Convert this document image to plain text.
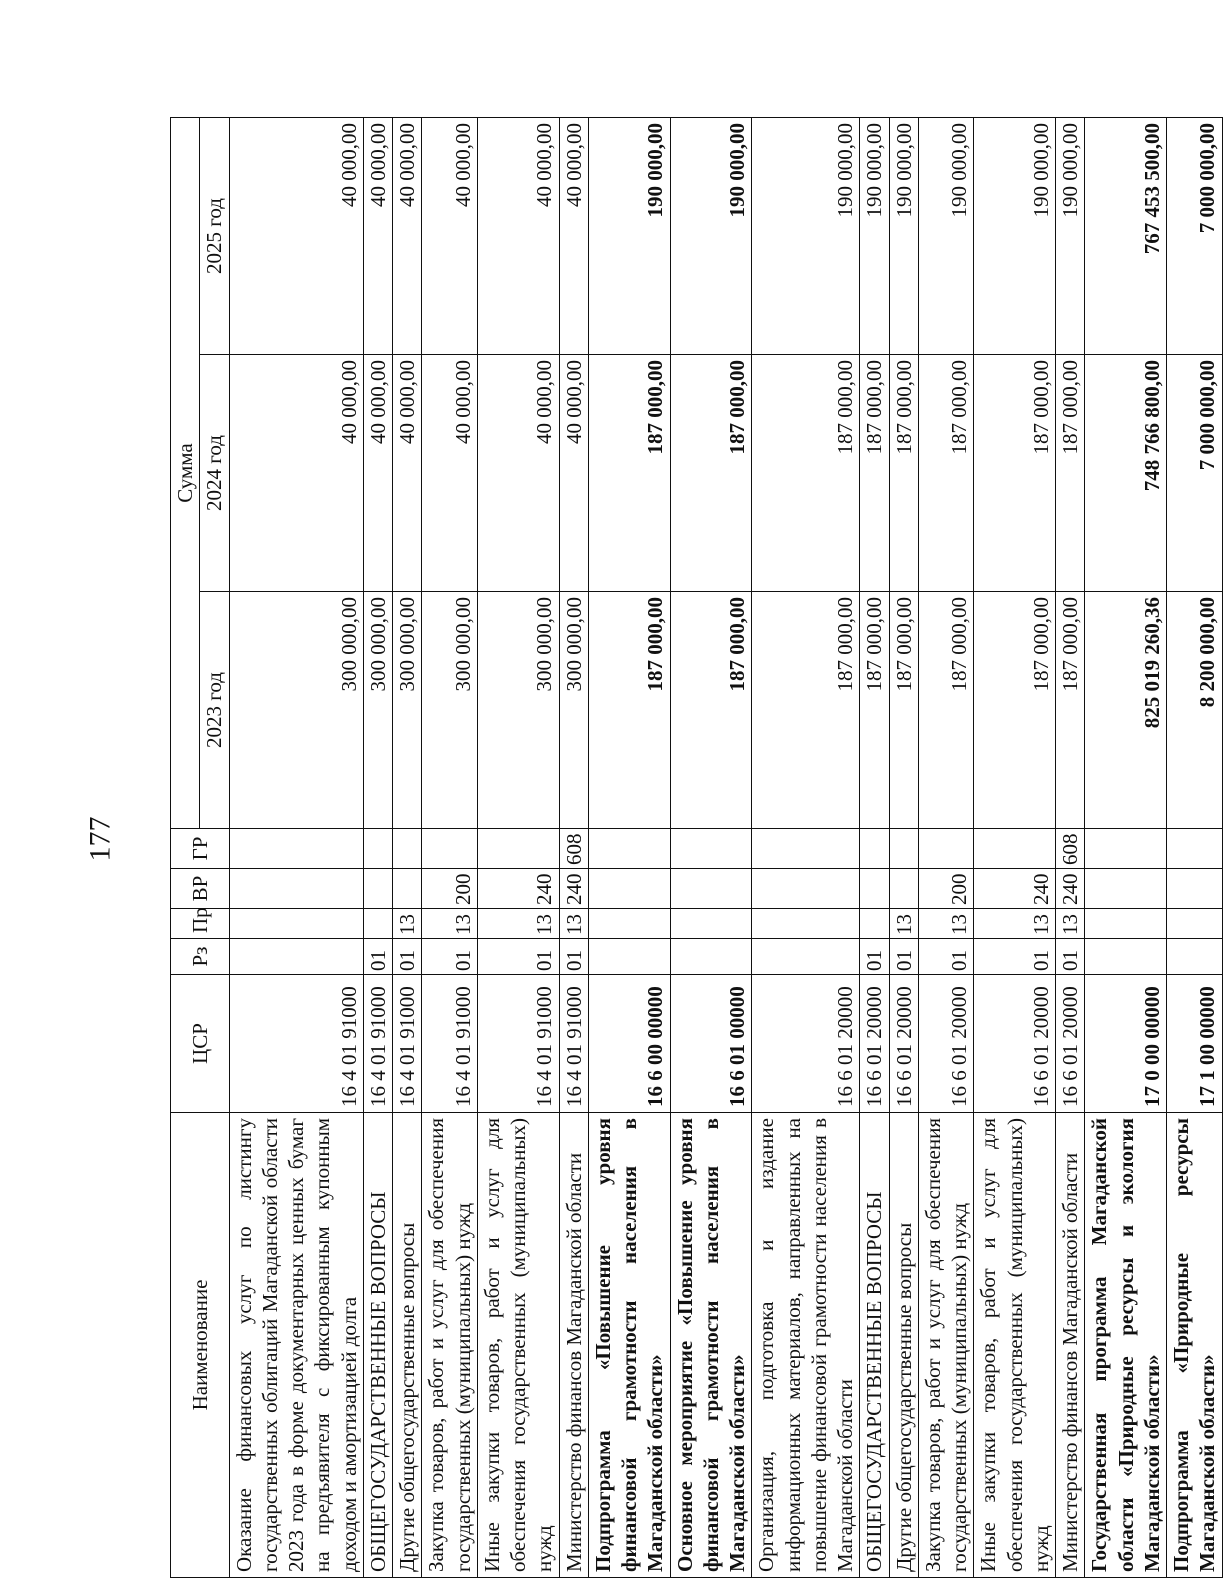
177
Наименование	ЦСР	Рз	Пр	ВР	ГР	Сумма		
						2023 год	2024 год	2025 год
Оказание финансовых услуг по листингу государственных облигаций Магаданской области 2023 года в форме документарных ценных бумаг на предъявителя с фиксированным купонным доходом и амортизацией долга	16 4 01 91000					300 000,00	40 000,00	40 000,00
ОБЩЕГОСУДАРСТВЕННЫЕ ВОПРОСЫ	16 4 01 91000	01				300 000,00	40 000,00	40 000,00
Другие общегосударственные вопросы	16 4 01 91000	01	13			300 000,00	40 000,00	40 000,00
Закупка товаров, работ и услуг для обеспечения государственных (муниципальных) нужд	16 4 01 91000	01	13	200		300 000,00	40 000,00	40 000,00
Иные закупки товаров, работ и услуг для обеспечения государственных (муниципальных) нужд	16 4 01 91000	01	13	240		300 000,00	40 000,00	40 000,00
Министерство финансов Магаданской области	16 4 01 91000	01	13	240	608	300 000,00	40 000,00	40 000,00
Подпрограмма «Повышение уровня финансовой грамотности населения в Магаданской области»	16 6 00 00000					187 000,00	187 000,00	190 000,00
Основное мероприятие «Повышение уровня финансовой грамотности населения в Магаданской области»	16 6 01 00000					187 000,00	187 000,00	190 000,00
Организация, подготовка и издание информационных материалов, направленных на повышение финансовой грамотности населения в Магаданской области	16 6 01 20000					187 000,00	187 000,00	190 000,00
ОБЩЕГОСУДАРСТВЕННЫЕ ВОПРОСЫ	16 6 01 20000	01				187 000,00	187 000,00	190 000,00
Другие общегосударственные вопросы	16 6 01 20000	01	13			187 000,00	187 000,00	190 000,00
Закупка товаров, работ и услуг для обеспечения государственных (муниципальных) нужд	16 6 01 20000	01	13	200		187 000,00	187 000,00	190 000,00
Иные закупки товаров, работ и услуг для обеспечения государственных (муниципальных) нужд	16 6 01 20000	01	13	240		187 000,00	187 000,00	190 000,00
Министерство финансов Магаданской области	16 6 01 20000	01	13	240	608	187 000,00	187 000,00	190 000,00
Государственная программа Магаданской области «Природные ресурсы и экология Магаданской области»	17 0 00 00000					825 019 260,36	748 766 800,00	767 453 500,00
Подпрограмма «Природные ресурсы Магаданской области»	17 1 00 00000					8 200 000,00	7 000 000,00	7 000 000,00
